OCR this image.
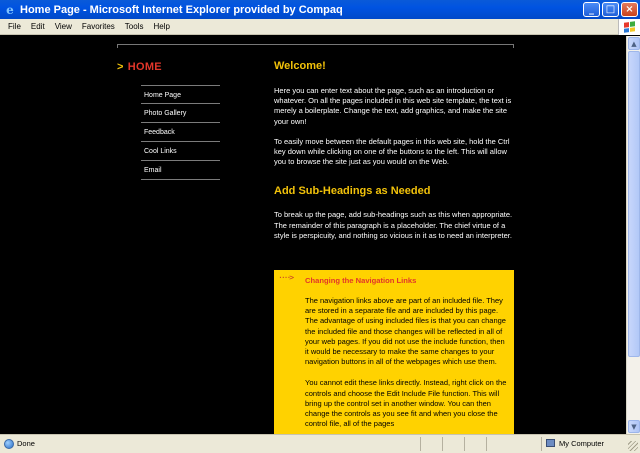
e Home Page - Microsoft Internet Explorer provided by Compaq	_	□	×
File	Edit	View	Favorites	Tools	Help
> HOME
Home Page
Photo Gallery
Feedback
Cool Links
Email
Welcome!

Here you can enter text about the page, such as an introduction or whatever. On all the pages included in this web site template, the text is merely a boilerplate. Change the text, add graphics, and make the site your own!

To easily move between the default pages in this web site, hold the Ctrl key down while clicking on one of the buttons to the left. This will allow you to browse the site just as you would on the Web.

Add Sub-Headings as Needed

To break up the page, add sub-headings such as this when appropriate. The remainder of this paragraph is a placeholder. The chief virtue of a style is perspicuity, and nothing so vicious in it as to need an interpreter.

····> Changing the Navigation Links

The navigation links above are part of an included file. They are stored in a separate file and are included by this page. The advantage of using included files is that you can change the included file and those changes will be reflected in all of your web pages. If you did not use the include function, then it would be necessary to make the same changes to your navigation buttons in all of the webpages which use them.

You cannot edit these links directly. Instead, right click on the controls and choose the Edit Include File function. This will bring up the control set in another window. You can then change the controls as you see fit and when you close the control file, all of the pages

▲
▼
Done	My Computer
